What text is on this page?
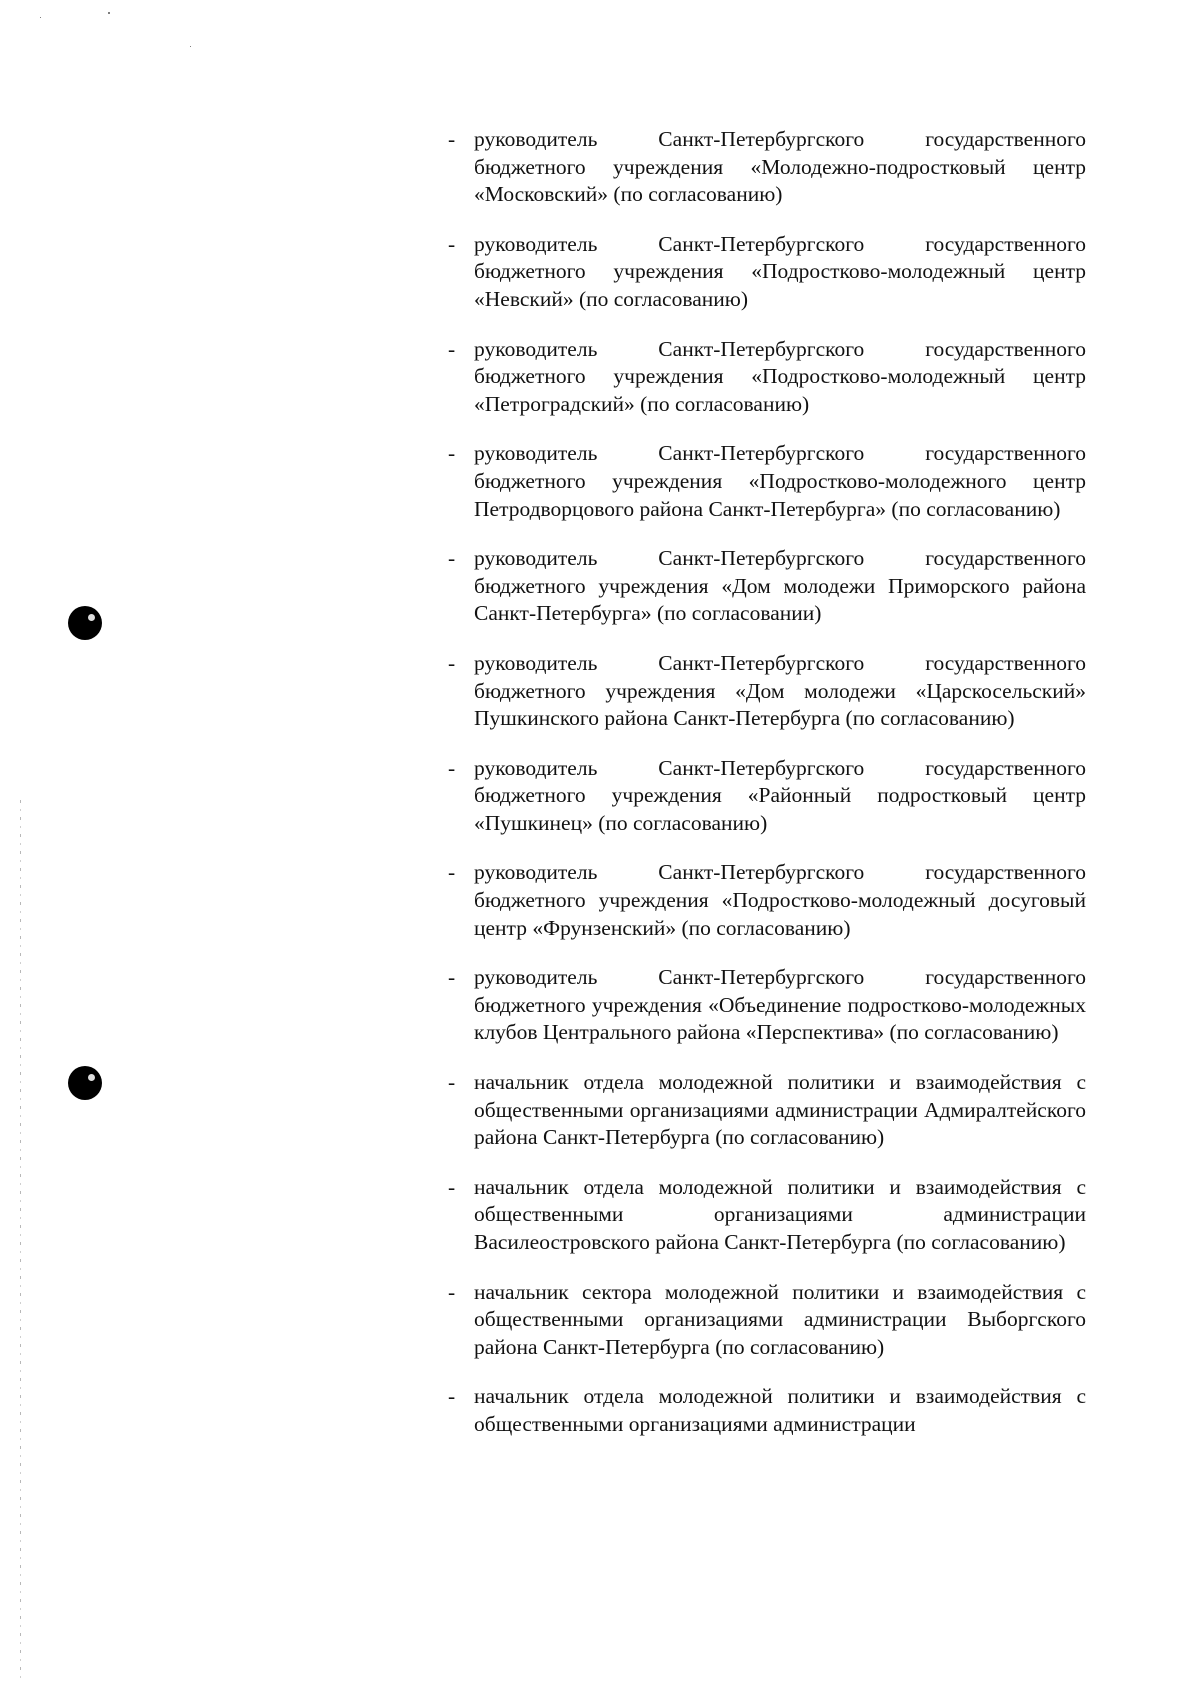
- руководитель Санкт-Петербургского государственного бюджетного учреждения «Молодежно-подростковый центр «Московский» (по согласованию)
- руководитель Санкт-Петербургского государственного бюджетного учреждения «Подростково-молодежный центр «Невский» (по согласованию)
- руководитель Санкт-Петербургского государственного бюджетного учреждения «Подростково-молодежный центр «Петроградский» (по согласованию)
- руководитель Санкт-Петербургского государственного бюджетного учреждения «Подростково-молодежного центр Петродворцового района Санкт-Петербурга» (по согласованию)
- руководитель Санкт-Петербургского государственного бюджетного учреждения «Дом молодежи Приморского района Санкт-Петербурга» (по согласовании)
- руководитель Санкт-Петербургского государственного бюджетного учреждения «Дом молодежи «Царскосельский» Пушкинского района Санкт-Петербурга (по согласованию)
- руководитель Санкт-Петербургского государственного бюджетного учреждения «Районный подростковый центр «Пушкинец» (по согласованию)
- руководитель Санкт-Петербургского государственного бюджетного учреждения «Подростково-молодежный досуговый центр «Фрунзенский» (по согласованию)
- руководитель Санкт-Петербургского государственного бюджетного учреждения «Объединение подростково-молодежных клубов Центрального района «Перспектива» (по согласованию)
- начальник отдела молодежной политики и взаимодействия с общественными организациями администрации Адмиралтейского района Санкт-Петербурга (по согласованию)
- начальник отдела молодежной политики и взаимодействия с общественными организациями администрации Василеостровского района Санкт-Петербурга (по согласованию)
- начальник сектора молодежной политики и взаимодействия с общественными организациями администрации Выборгского района Санкт-Петербурга (по согласованию)
- начальник отдела молодежной политики и взаимодействия с общественными организациями администрации
